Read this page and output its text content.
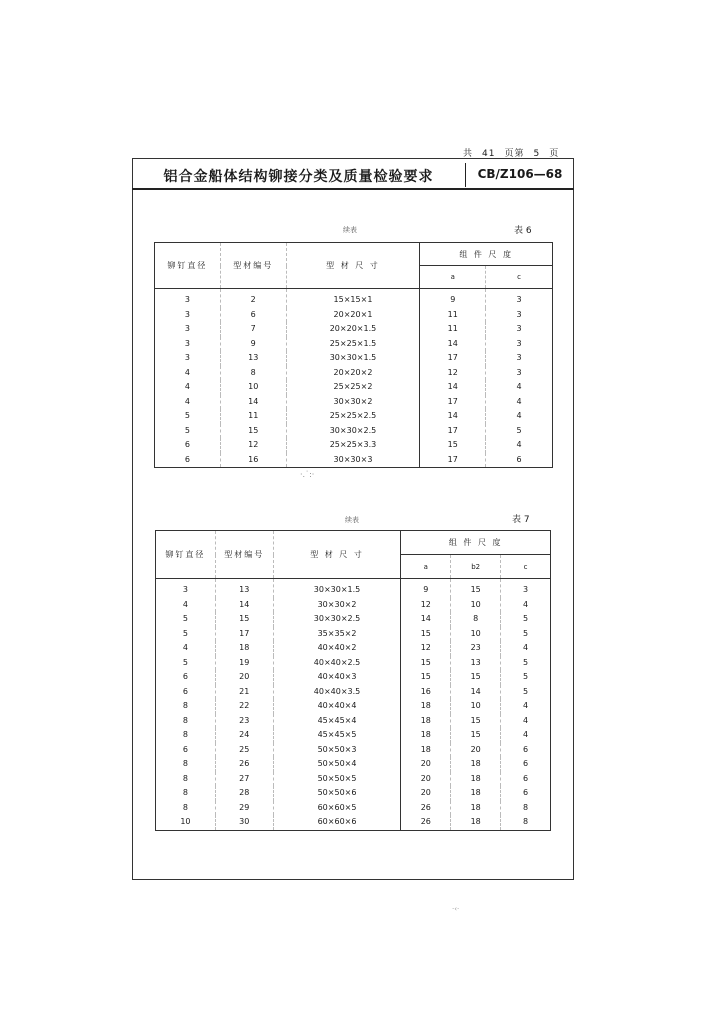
共 41 页第 5 页
铝合金船体结构铆接分类及质量检验要求	CB/Z106—68
续表	表 6
铆钉直径	型材编号	型 材 尺 寸	组 件 尺 度	
			a	c
3	2	15×15×1	9	3
3	6	20×20×1	11	3
3	7	20×20×1.5	11	3
3	9	25×25×1.5	14	3
3	13	30×30×1.5	17	3
4	8	20×20×2	12	3
4	10	25×25×2	14	4
4	14	30×30×2	17	4
5	11	25×25×2.5	14	4
5	15	30×30×2.5	17	5
6	12	25×25×3.3	15	4
6	16	30×30×3	17	6
·.˙:·
续表	表 7
铆钉直径	型材编号	型 材 尺 寸	组 件 尺 度		
			a	b2	c
3	13	30×30×1.5	9	15	3
4	14	30×30×2	12	10	4
5	15	30×30×2.5	14	8	5
5	17	35×35×2	15	10	5
4	18	40×40×2	12	23	4
5	19	40×40×2.5	15	13	5
6	20	40×40×3	15	15	5
6	21	40×40×3.5	16	14	5
8	22	40×40×4	18	10	4
8	23	45×45×4	18	15	4
8	24	45×45×5	18	15	4
6	25	50×50×3	18	20	6
8	26	50×50×4	20	18	6
8	27	50×50×5	20	18	6
8	28	50×50×6	20	18	6
8	29	60×60×5	26	18	8
10	30	60×60×6	26	18	8
·‹·
